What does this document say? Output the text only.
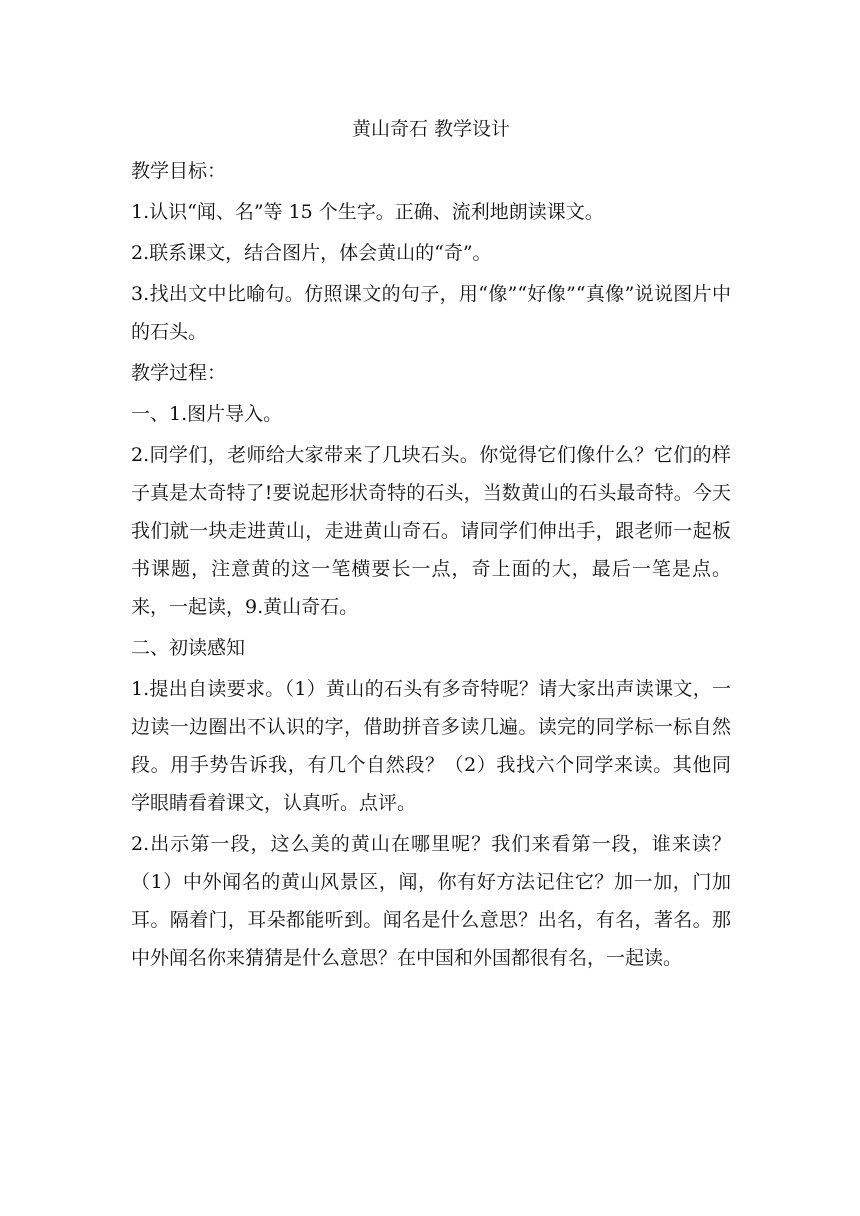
黄山奇石 教学设计
教学目标：
1.认识“闻、名”等 15 个生字。正确、流利地朗读课文。
2.联系课文，结合图片，体会黄山的“奇”。
3.找出文中比喻句。仿照课文的句子，用“像”“好像”“真像”说说图片中的石头。
教学过程：
一、1.图片导入。
2.同学们，老师给大家带来了几块石头。你觉得它们像什么？它们的样子真是太奇特了!要说起形状奇特的石头，当数黄山的石头最奇特。今天我们就一块走进黄山，走进黄山奇石。请同学们伸出手，跟老师一起板书课题，注意黄的这一笔横要长一点，奇上面的大，最后一笔是点。来，一起读，9.黄山奇石。
二、初读感知
1.提出自读要求。（1）黄山的石头有多奇特呢？请大家出声读课文，一边读一边圈出不认识的字，借助拼音多读几遍。读完的同学标一标自然段。用手势告诉我，有几个自然段？（2）我找六个同学来读。其他同学眼睛看着课文，认真听。点评。
2.出示第一段，这么美的黄山在哪里呢？我们来看第一段，谁来读？（1）中外闻名的黄山风景区，闻，你有好方法记住它？加一加，门加耳。隔着门，耳朵都能听到。闻名是什么意思？出名，有名，著名。那中外闻名你来猜猜是什么意思？在中国和外国都很有名，一起读。
